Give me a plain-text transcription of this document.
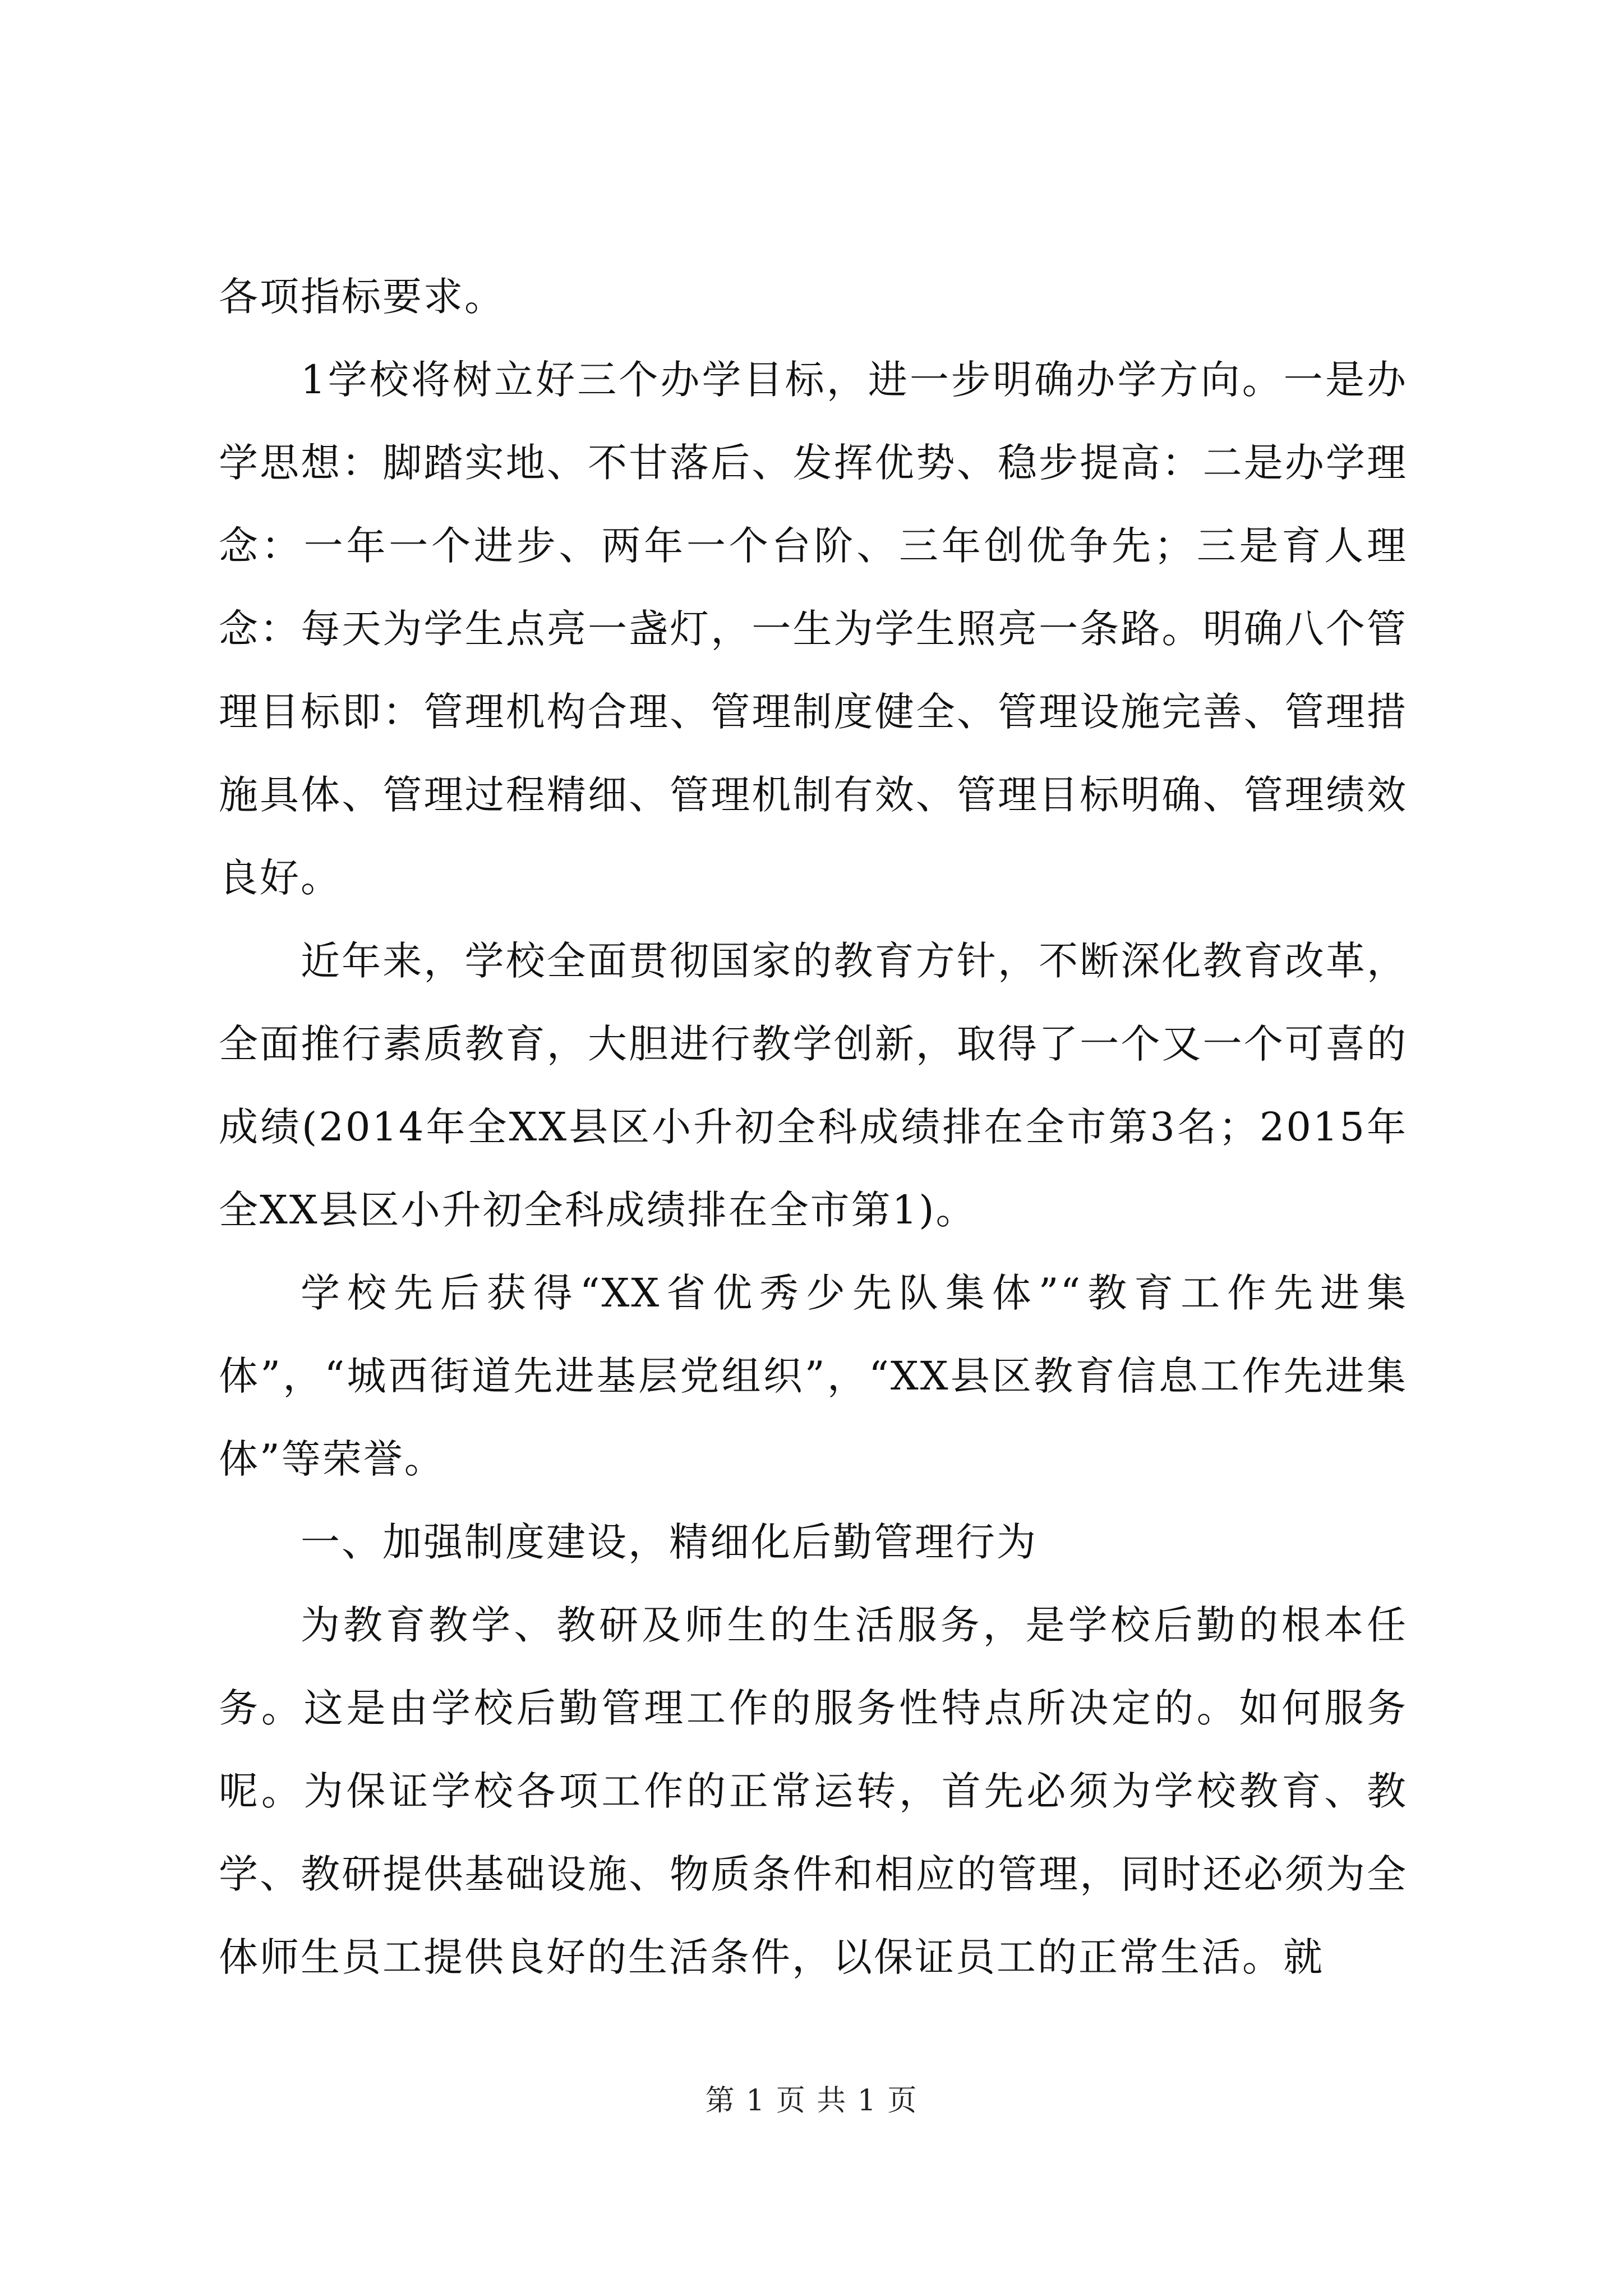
各项指标要求。

1学校将树立好三个办学目标，进一步明确办学方向。一是办学思想：脚踏实地、不甘落后、发挥优势、稳步提高：二是办学理念：一年一个进步、两年一个台阶、三年创优争先；三是育人理念：每天为学生点亮一盏灯，一生为学生照亮一条路。明确八个管理目标即：管理机构合理、管理制度健全、管理设施完善、管理措施具体、管理过程精细、管理机制有效、管理目标明确、管理绩效良好。

近年来，学校全面贯彻国家的教育方针，不断深化教育改革，全面推行素质教育，大胆进行教学创新，取得了一个又一个可喜的成绩(2014年全XX县区小升初全科成绩排在全市第3名；2015年全XX县区小升初全科成绩排在全市第1)。

学校先后获得“XX省优秀少先队集体”“教育工作先进集体”，“城西街道先进基层党组织”，“XX县区教育信息工作先进集体”等荣誉。

一、加强制度建设，精细化后勤管理行为

为教育教学、教研及师生的生活服务，是学校后勤的根本任务。这是由学校后勤管理工作的服务性特点所决定的。如何服务呢。为保证学校各项工作的正常运转，首先必须为学校教育、教学、教研提供基础设施、物质条件和相应的管理，同时还必须为全体师生员工提供良好的生活条件，以保证员工的正常生活。就

第 1 页 共 1 页
